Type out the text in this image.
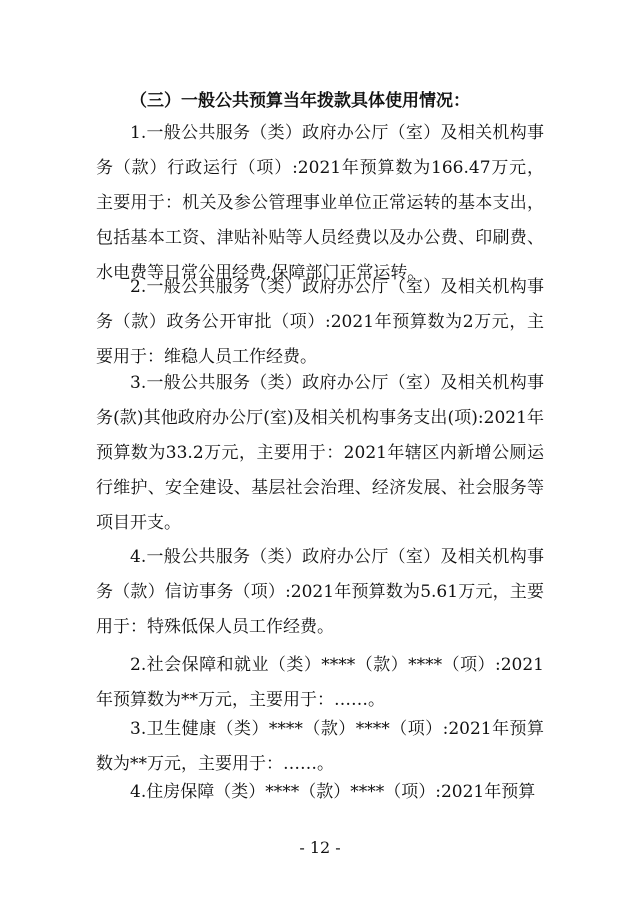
（三）一般公共预算当年拨款具体使用情况：

1.一般公共服务（类）政府办公厅（室）及相关机构事务（款）行政运行（项）:2021年预算数为166.47万元，主要用于：机关及参公管理事业单位正常运转的基本支出，包括基本工资、津贴补贴等人员经费以及办公费、印刷费、水电费等日常公用经费,保障部门正常运转。

2.一般公共服务（类）政府办公厅（室）及相关机构事务（款）政务公开审批（项）:2021年预算数为2万元，主要用于：维稳人员工作经费。

3.一般公共服务（类）政府办公厅（室）及相关机构事务(款)其他政府办公厅(室)及相关机构事务支出(项):2021年预算数为33.2万元，主要用于：2021年辖区内新增公厕运行维护、安全建设、基层社会治理、经济发展、社会服务等项目开支。

4.一般公共服务（类）政府办公厅（室）及相关机构事务（款）信访事务（项）:2021年预算数为5.61万元，主要用于：特殊低保人员工作经费。

2.社会保障和就业（类）****（款）****（项）:2021年预算数为**万元，主要用于：……。

3.卫生健康（类）****（款）****（项）:2021年预算数为**万元，主要用于：……。

4.住房保障（类）****（款）****（项）:2021年预算

- 12 -
